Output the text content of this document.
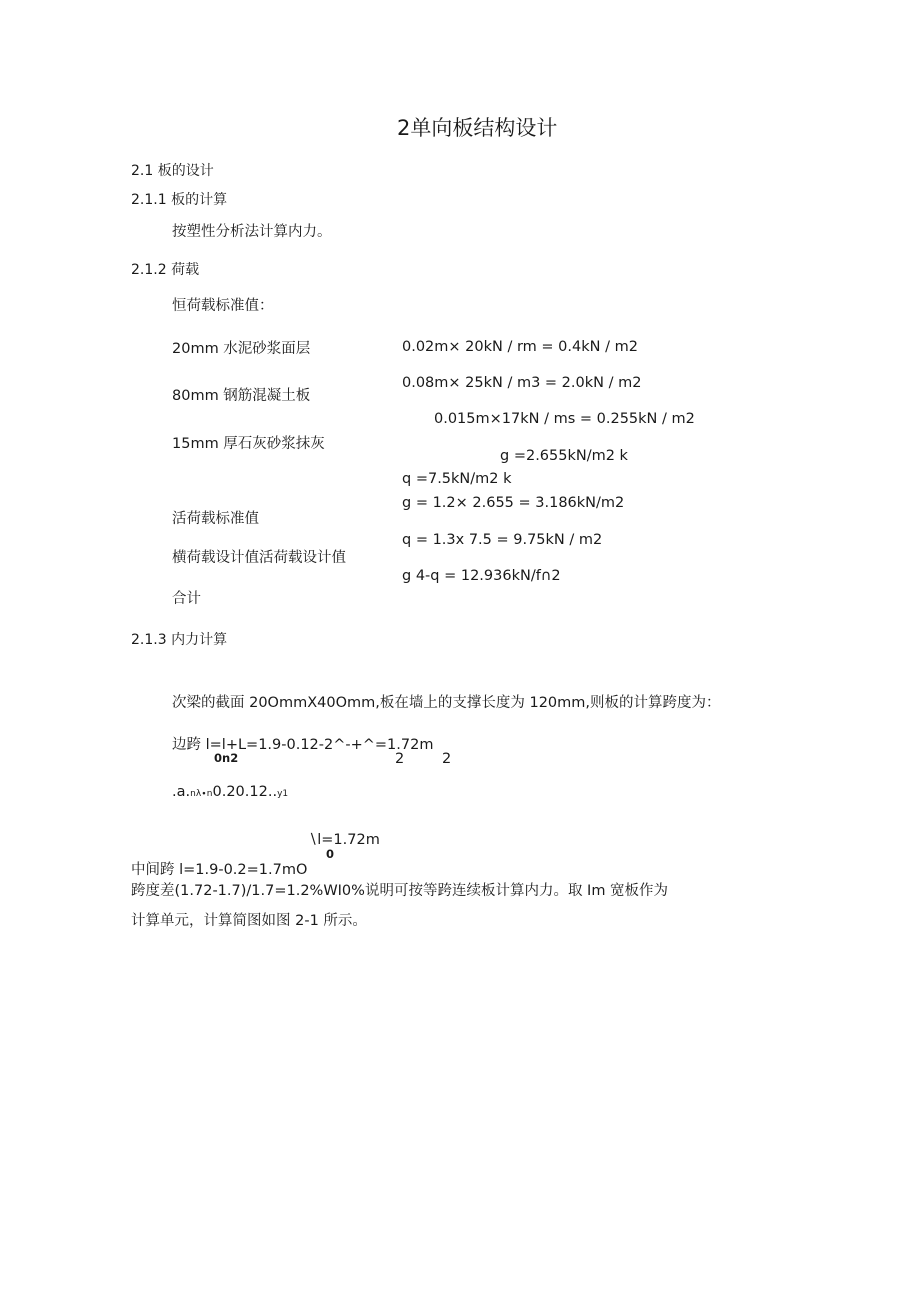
2单向板结构设计
2.1 板的设计
2.1.1 板的计算
按塑性分析法计算内力。
2.1.2 荷载
恒荷载标准值：
20mm 水泥砂浆面层
80mm 钢筋混凝土板
15mm 厚石灰砂浆抹灰
0.02m× 20kN / rm = 0.4kN / m2
0.08m× 25kN / m3 = 2.0kN / m2
0.015m×17kN / ms = 0.255kN / m2
g =2.655kN∕m2 k
q =7.5kN∕m2 k
g = 1.2× 2.655 = 3.186kN/m2
活荷载标准值
q = 1.3x 7.5 = 9.75kN / m2
横荷载设计值活荷载设计值
g 4-q = 12.936kN∕f∩2
合计
2.1.3 内力计算
次梁的截面 20OmmX40Omm,板在墙上的支撑长度为 120mm,则板的计算跨度为：
边跨 l=l+L=1.9-0.12-2^-+^=1.72m
0n2	2	2
.a.nλ∙n0.20.12..y1
∖l=1.72m
0
中间跨 l=1.9-0.2=1.7mO
跨度差(1.72-1.7)/1.7=1.2%WI0%说明可按等跨连续板计算内力。取 Im 宽板作为
计算单元，计算简图如图 2-1 所示。
